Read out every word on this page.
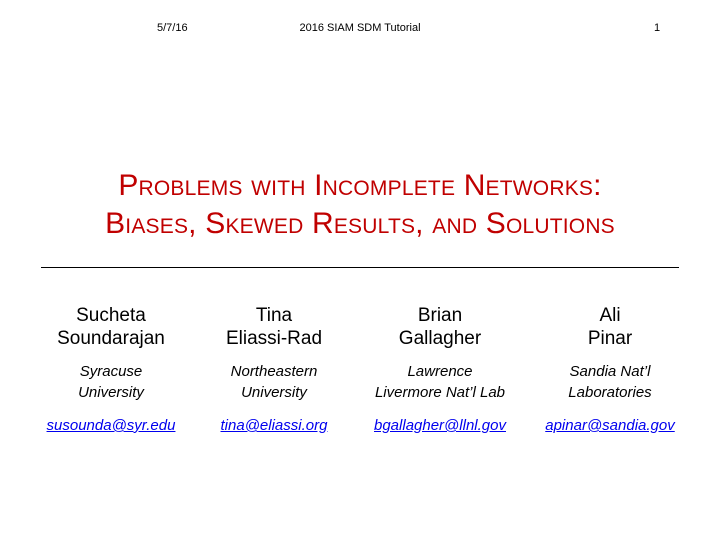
5/7/16	2016 SIAM SDM Tutorial	1
Problems with Incomplete Networks:
Biases, Skewed Results, and Solutions
Sucheta
Soundarajan
Syracuse
University
Tina
Eliassi-Rad
Northeastern
University
Brian
Gallagher
Lawrence
Livermore Nat’l Lab
Ali
Pinar
Sandia Nat’l
Laboratories
susounda@syr.edu	tina@eliassi.org	bgallagher@llnl.gov	apinar@sandia.gov
